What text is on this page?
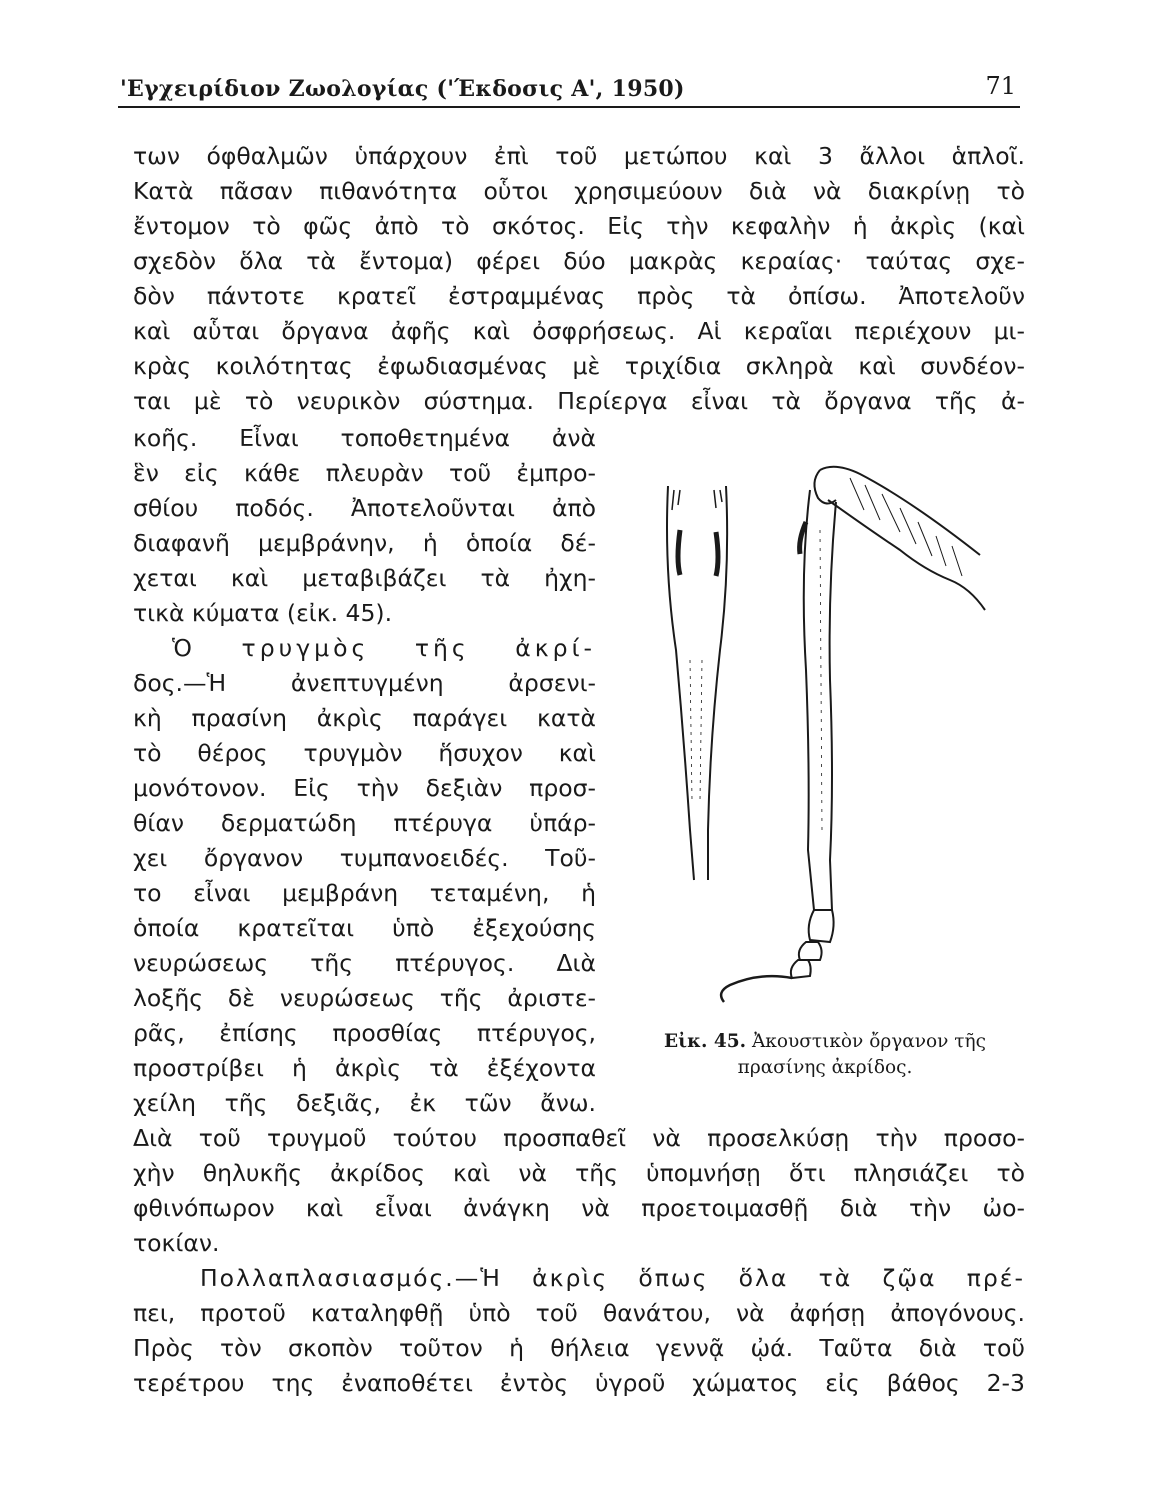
'Εγχειρίδιον Ζωολογίας ('Έκδοσις Α', 1950)	71
των όφθαλμῶν ὑπάρχουν ἐπὶ τοῦ μετώπου καὶ 3 ἄλλοι ἁπλοῖ.
Κατὰ πᾶσαν πιθανότητα οὗτοι χρησιμεύουν διὰ νὰ διακρίνῃ τὸ
ἔντομον τὸ φῶς ἀπὸ τὸ σκότος. Εἰς τὴν κεφαλὴν ἡ ἀκρὶς (καὶ
σχεδὸν ὅλα τὰ ἔντομα) φέρει δύο μακρὰς κεραίας· ταύτας σχε-
δὸν πάντοτε κρατεῖ ἐστραμμένας πρὸς τὰ ὀπίσω. Ἀποτελοῦν
καὶ αὗται ὄργανα ἀφῆς καὶ ὀσφρήσεως. Αἱ κεραῖαι περιέχουν μι-
κρὰς κοιλότητας ἐφωδιασμένας μὲ τριχίδια σκληρὰ καὶ συνδέον-
ται μὲ τὸ νευρικὸν σύστημα. Περίεργα εἶναι τὰ ὄργανα τῆς ἀ-
κοῆς. Εἶναι τοποθετημένα ἀνὰ
ἓν εἰς κάθε πλευρὰν τοῦ ἐμπρο-
σθίου ποδός. Ἀποτελοῦνται ἀπὸ
διαφανῆ μεμβράνην, ἡ ὁποία δέ-
χεται καὶ μεταβιβάζει τὰ ἠχη-
τικὰ κύματα (εἰκ. 45).
Ὁ τρυγμὸς τῆς ἀκρί-
δος.—Ἡ ἀνεπτυγμένη ἀρσενι-
κὴ πρασίνη ἀκρὶς παράγει κατὰ
τὸ θέρος τρυγμὸν ἥσυχον καὶ
μονότονον. Εἰς τὴν δεξιὰν προσ-
θίαν δερματώδη πτέρυγα ὑπάρ-
χει ὄργανον τυμπανοειδές. Τοῦ-
το εἶναι μεμβράνη τεταμένη, ἡ
ὁποία κρατεῖται ὑπὸ ἐξεχούσης
νευρώσεως τῆς πτέρυγος. Διὰ
λοξῆς δὲ νευρώσεως τῆς ἀριστε-
ρᾶς, ἐπίσης προσθίας πτέρυγος,
προστρίβει ἡ ἀκρὶς τὰ ἐξέχοντα
χείλη τῆς δεξιᾶς, ἐκ τῶν ἄνω.
Διὰ τοῦ τρυγμοῦ τούτου προσπαθεῖ νὰ προσελκύσῃ τὴν προσο-
χὴν θηλυκῆς ἀκρίδος καὶ νὰ τῆς ὑπομνήσῃ ὅτι πλησιάζει τὸ
φθινόπωρον καὶ εἶναι ἀνάγκη νὰ προετοιμασθῇ διὰ τὴν ὠο-
τοκίαν.
Πολλαπλασιασμός.—Ἡ ἀκρὶς ὅπως ὅλα τὰ ζῷα πρέ-
πει, προτοῦ καταληφθῇ ὑπὸ τοῦ θανάτου, νὰ ἀφήσῃ ἀπογόνους.
Πρὸς τὸν σκοπὸν τοῦτον ἡ θήλεια γεννᾷ ᾠά. Ταῦτα διὰ τοῦ
τερέτρου της ἐναποθέτει ἐντὸς ὑγροῦ χώματος εἰς βάθος 2-3
Εἰκ. 45. Ἀκουστικὸν ὄργανον τῆς
πρασίνης ἀκρίδος.
